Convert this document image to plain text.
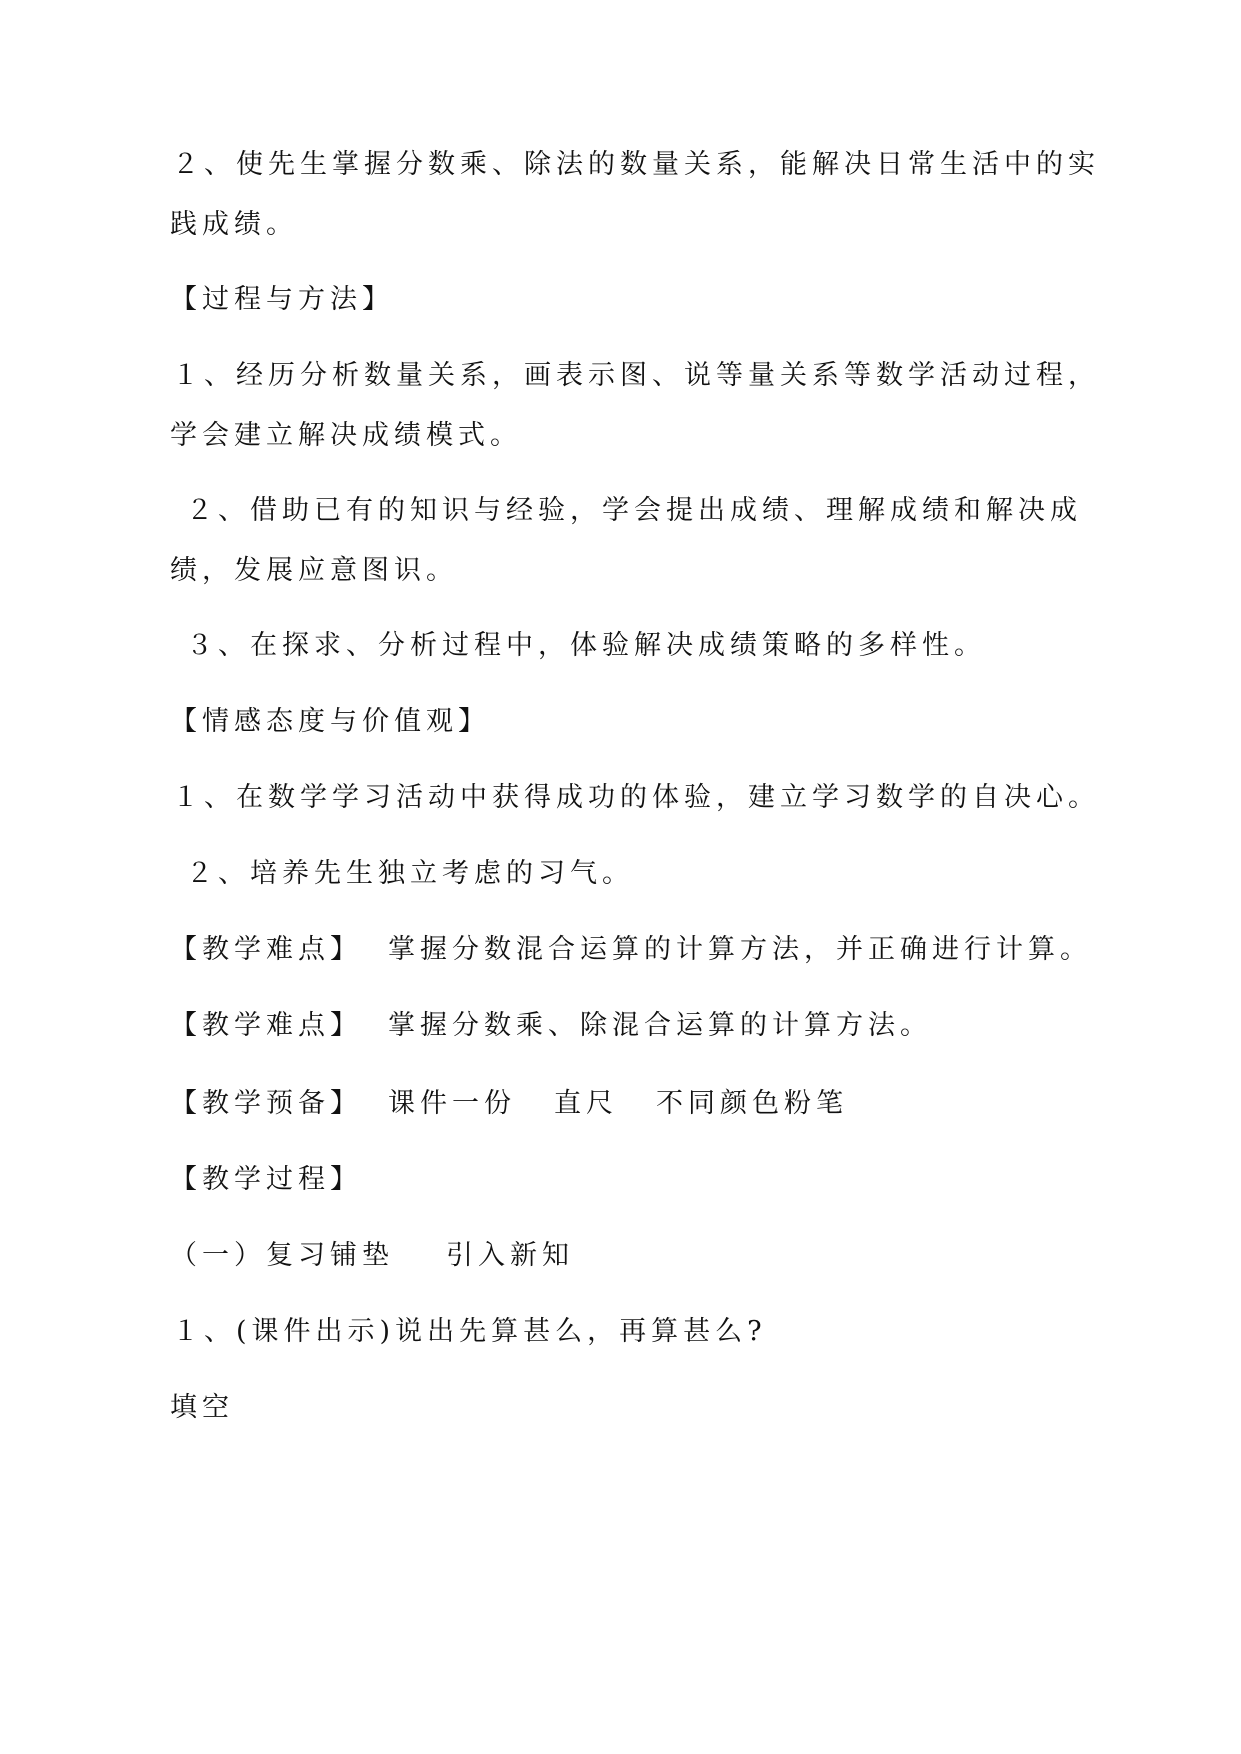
２、使先生掌握分数乘、除法的数量关系，能解决日常生活中的实
践成绩。
【过程与方法】
１、经历分析数量关系，画表示图、说等量关系等数学活动过程，
学会建立解决成绩模式。
２、借助已有的知识与经验，学会提出成绩、理解成绩和解决成
绩，发展应意图识。
３、在探求、分析过程中，体验解决成绩策略的多样性。
【情感态度与价值观】
１、在数学学习活动中获得成功的体验，建立学习数学的自决心。
２、培养先生独立考虑的习气。
【教学难点】 掌握分数混合运算的计算方法，并正确进行计算。
【教学难点】 掌握分数乘、除混合运算的计算方法。
【教学预备】 课件一份 直尺 不同颜色粉笔
【教学过程】
（一）复习铺垫 引入新知
１、(课件出示)说出先算甚么，再算甚么?
填空
